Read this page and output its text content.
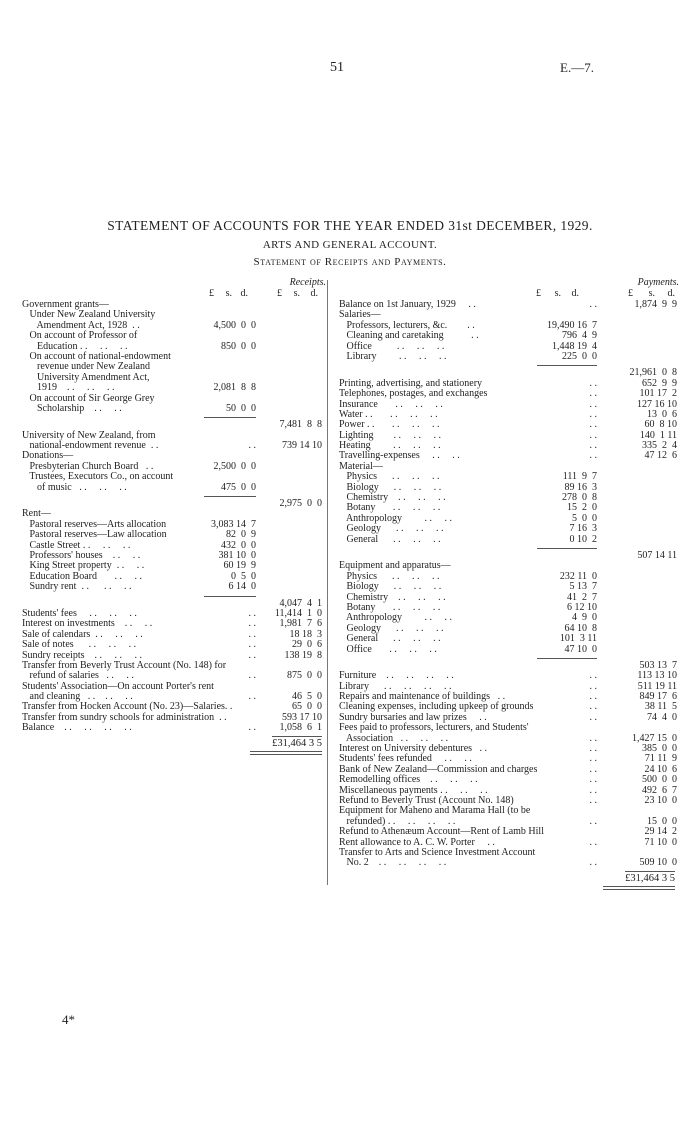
51	E.—7.
STATEMENT OF ACCOUNTS FOR THE YEAR ENDED 31st DECEMBER, 1929.
ARTS AND GENERAL ACCOUNT.
Statement of Receipts and Payments.
Receipts.
£ s. d.	£ s. d.
Government grants—
Under New Zealand University
Amendment Act, 1928  . .	4,500  0  0
On account of Professor of
Education . .     . .     . .	850  0  0
On account of national-endowment
revenue under New Zealand
University Amendment Act,
1919    . .     . .     . .	2,081  8  8
On account of Sir George Grey
Scholarship    . .     . .	50  0  0
7,481  8  8
University of New Zealand, from
national-endowment revenue  . .	. .	739 14 10
Donations—
Presbyterian Church Board   . .	2,500  0  0
Trustees, Executors Co., on account
of music   . .     . .     . .	475  0  0
2,975  0  0
Rent—
Pastoral reserves—Arts allocation	3,083 14  7
Pastoral reserves—Law allocation	82  0  9
Castle Street . .     . .     . .	432  0  0
Professors' houses    . .     . .	381 10  0
King Street property  . .     . .	60 19  9
Education Board       . .     . .	0  5  0
Sundry rent  . .      . .     . .	6 14  0
4,047  4  1
Students' fees     . .     . .     . .	. . 11,414  1  0
Interest on investments    . .     . .	. . 1,981  7  6
Sale of calendars  . .     . .     . .	. .	18 18  3
Sale of notes      . .     . .     . .	. .	29  0  6
Sundry receipts    . .     . .     . .	. .	138 19  8
Transfer from Beverly Trust Account (No. 148) for
refund of salaries   . .     . .	. .	875  0  0
Students' Association—On account Porter's rent
and cleaning   . .    . .     . .	. .	46  5  0
Transfer from Hocken Account (No. 23)—Salaries. .	65  0  0
Transfer from sundry schools for administration  . .	593 17 10
Balance    . .     . .     . .     . .	. . 1,058  6  1
£31,464 3 5
Payments.
£ s. d.	£ s. d.
Balance on 1st January, 1929     . .	. .	1,874  9  9
Salaries—
Professors, lecturers, &c.        . .	19,490 16  7
Cleaning and caretaking           . .	796  4  9
Office          . .     . .     . .	1,448 19  4
Library         . .     . .     . .	225  0  0
21,961  0  8
Printing, advertising, and stationery	. .	652  9  9
Telephones, postages, and exchanges	. .	101 17  2
Insurance       . .     . .     . .	. .	127 16 10
Water . .       . .     . .     . .	. .	13  0  6
Power . .       . .     . .     . .	. .	60  8 10
Lighting        . .     . .     . .	. .	140  1 11
Heating         . .     . .     . .	. .	335  2  4
Travelling-expenses     . .     . .	. .	47 12  6
Material—
Physics      . .     . .     . .	111  9  7
Biology      . .     . .     . .	89 16  3
Chemistry    . .     . .     . .	278  0  8
Botany       . .     . .     . .	15  2  0
Anthropology         . .     . .	5  0  0
Geology      . .     . .     . .	7 16  3
General      . .     . .     . .	0 10  2
507 14 11
Equipment and apparatus—
Physics      . .     . .     . .	232 11  0
Biology      . .     . .     . .	5 13  7
Chemistry    . .     . .     . .	41  2  7
Botany       . .     . .     . .	6 12 10
Anthropology         . .     . .	4  9  0
Geology      . .     . .     . .	64 10  8
General      . .     . .     . .	101  3 11
Office       . .     . .     . .	47 10  0
503 13  7
Furniture    . .     . .     . .     . .	. .	113 13 10
Library      . .     . .     . .     . .	. .	511 19 11
Repairs and maintenance of buildings   . .	. .	849 17  6
Cleaning expenses, including upkeep of grounds	. .	38 11  5
Sundry bursaries and law prizes     . .	. .	74  4  0
Fees paid to professors, lecturers, and Students'
Association   . .     . .     . .	. .	1,427 15  0
Interest on University debentures   . .	. .	385  0  0
Students' fees refunded     . .     . .	. .	71 11  9
Bank of New Zealand—Commission and charges	. .	24 10  6
Remodelling offices    . .     . .     . .	. .	500  0  0
Miscellaneous payments . .     . .     . .	. .	492  6  7
Refund to Beverly Trust (Account No. 148)	. .	23 10  0
Equipment for Maheno and Marama Hall (to be
refunded) . .     . .     . .     . .	. .	15  0  0
Refund to Athenæum Account—Rent of Lamb Hill	29 14  2
Rent allowance to A. C. W. Porter     . .	. .	71 10  0
Transfer to Arts and Science Investment Account
No. 2    . .     . .     . .     . .	. .	509 10  0
£31,464 3 5
4*
